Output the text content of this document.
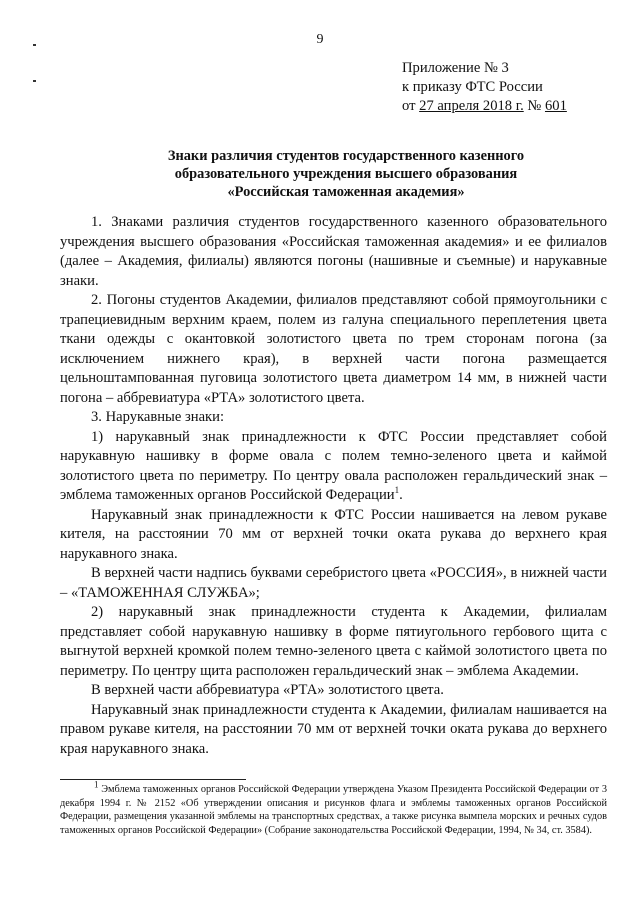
9
Приложение № 3
к приказу ФТС России
от 27 апреля 2018 г. № 601
Знаки различия студентов государственного казенного
образовательного учреждения высшего образования
«Российская таможенная академия»

1. Знаками различия студентов государственного казенного образовательного учреждения высшего образования «Российская таможенная академия» и ее филиалов (далее – Академия, филиалы) являются погоны (нашивные и съемные) и нарукавные знаки.

2. Погоны студентов Академии, филиалов представляют собой прямоугольники с трапециевидным верхним краем, полем из галуна специального переплетения цвета ткани одежды с окантовкой золотистого цвета по трем сторонам погона (за исключением нижнего края), в верхней части погона размещается цельноштампованная пуговица золотистого цвета диаметром 14 мм, в нижней части погона – аббревиатура «РТА» золотистого цвета.

3. Нарукавные знаки:

1) нарукавный знак принадлежности к ФТС России представляет собой нарукавную нашивку в форме овала с полем темно-зеленого цвета и каймой золотистого цвета по периметру. По центру овала расположен геральдический знак – эмблема таможенных органов Российской Федерации$^1$.

Нарукавный знак принадлежности к ФТС России нашивается на левом рукаве кителя, на расстоянии 70 мм от верхней точки оката рукава до верхнего края нарукавного знака.

В верхней части надпись буквами серебристого цвета «РОССИЯ», в нижней части – «ТАМОЖЕННАЯ СЛУЖБА»;

2) нарукавный знак принадлежности студента к Академии, филиалам представляет собой нарукавную нашивку в форме пятиугольного гербового щита с выгнутой верхней кромкой полем темно-зеленого цвета с каймой золотистого цвета по периметру. По центру щита расположен геральдический знак – эмблема Академии.

В верхней части аббревиатура «РТА» золотистого цвета.

Нарукавный знак принадлежности студента к Академии, филиалам нашивается на правом рукаве кителя, на расстоянии 70 мм от верхней точки оката рукава до верхнего края нарукавного знака.

$^1$ Эмблема таможенных органов Российской Федерации утверждена Указом Президента Российской Федерации от 3 декабря 1994 г. № 2152 «Об утверждении описания и рисунков флага и эмблемы таможенных органов Российской Федерации, размещения указанной эмблемы на транспортных средствах, а также рисунка вымпела морских и речных судов таможенных органов Российской Федерации» (Собрание законодательства Российской Федерации, 1994, № 34, ст. 3584).
